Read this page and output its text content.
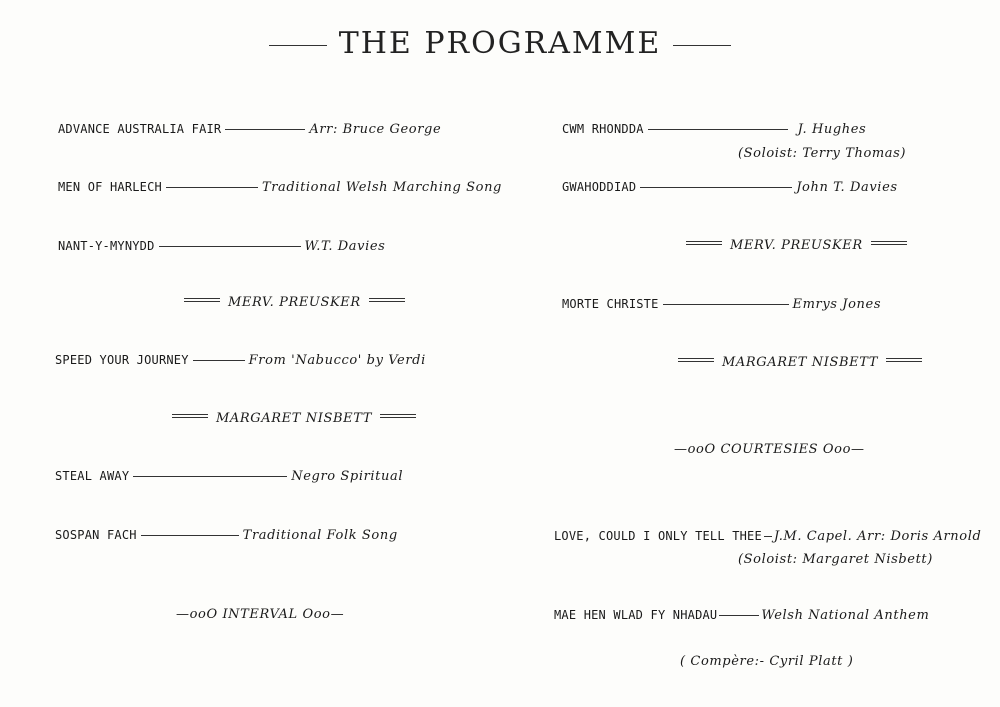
THE PROGRAMME
ADVANCE AUSTRALIA FAIR	Arr: Bruce George
MEN OF HARLECH	Traditional Welsh Marching Song
NANT-Y-MYNYDD	W.T. Davies
MERV. PREUSKER
SPEED YOUR JOURNEY	From 'Nabucco' by Verdi
MARGARET NISBETT
STEAL AWAY	Negro Spiritual
SOSPAN FACH	Traditional Folk Song
—ooO INTERVAL Ooo—
CWM RHONDDA	J. Hughes
(Soloist: Terry Thomas)
GWAHODDIAD	John T. Davies
MERV. PREUSKER
MORTE CHRISTE	Emrys Jones
MARGARET NISBETT
—ooO COURTESIES Ooo—
LOVE, COULD I ONLY TELL THEE J.M. Capel. Arr: Doris Arnold
(Soloist: Margaret Nisbett)
MAE HEN WLAD FY NHADAU	Welsh National Anthem
( Compère:- Cyril Platt )
